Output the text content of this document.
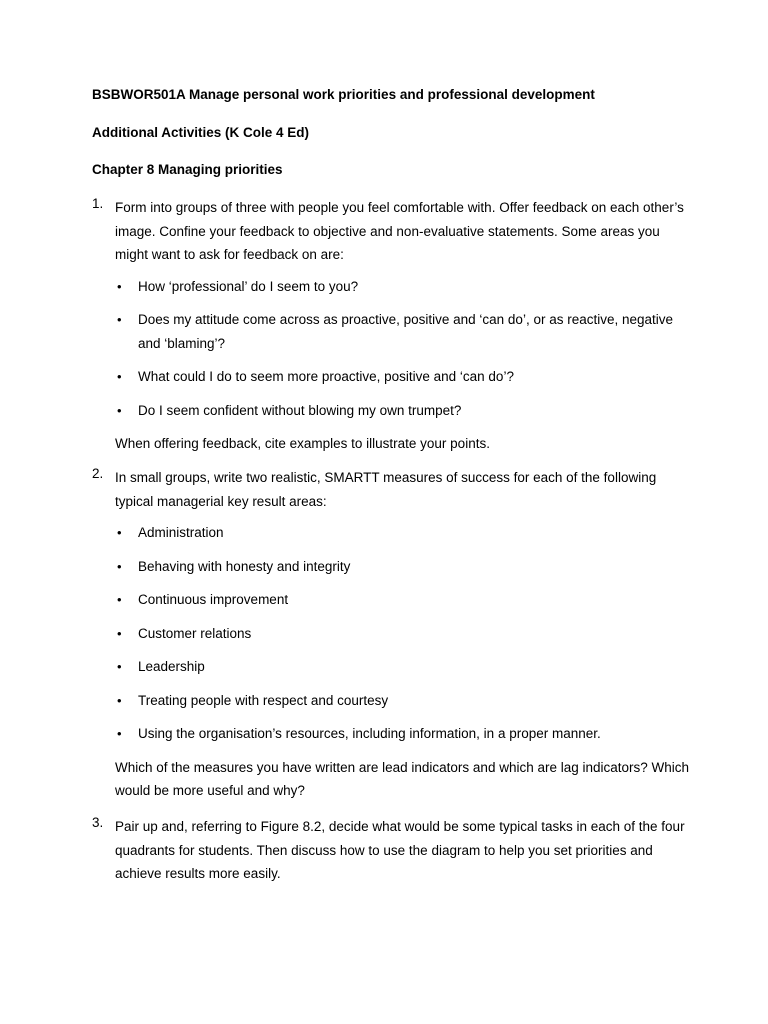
BSBWOR501A Manage personal work priorities and professional development

Additional Activities (K Cole 4 Ed)

Chapter 8 Managing priorities

1. Form into groups of three with people you feel comfortable with. Offer feedback on each other’s image. Confine your feedback to objective and non-evaluative statements. Some areas you might want to ask for feedback on are:

• How ‘professional’ do I seem to you?
• Does my attitude come across as proactive, positive and ‘can do’, or as reactive, negative and ‘blaming’?
• What could I do to seem more proactive, positive and ‘can do’?
• Do I seem confident without blowing my own trumpet?

When offering feedback, cite examples to illustrate your points.

2. In small groups, write two realistic, SMARTT measures of success for each of the following typical managerial key result areas:

• Administration
• Behaving with honesty and integrity
• Continuous improvement
• Customer relations
• Leadership
• Treating people with respect and courtesy
• Using the organisation’s resources, including information, in a proper manner.

Which of the measures you have written are lead indicators and which are lag indicators? Which would be more useful and why?

3. Pair up and, referring to Figure 8.2, decide what would be some typical tasks in each of the four quadrants for students. Then discuss how to use the diagram to help you set priorities and achieve results more easily.
